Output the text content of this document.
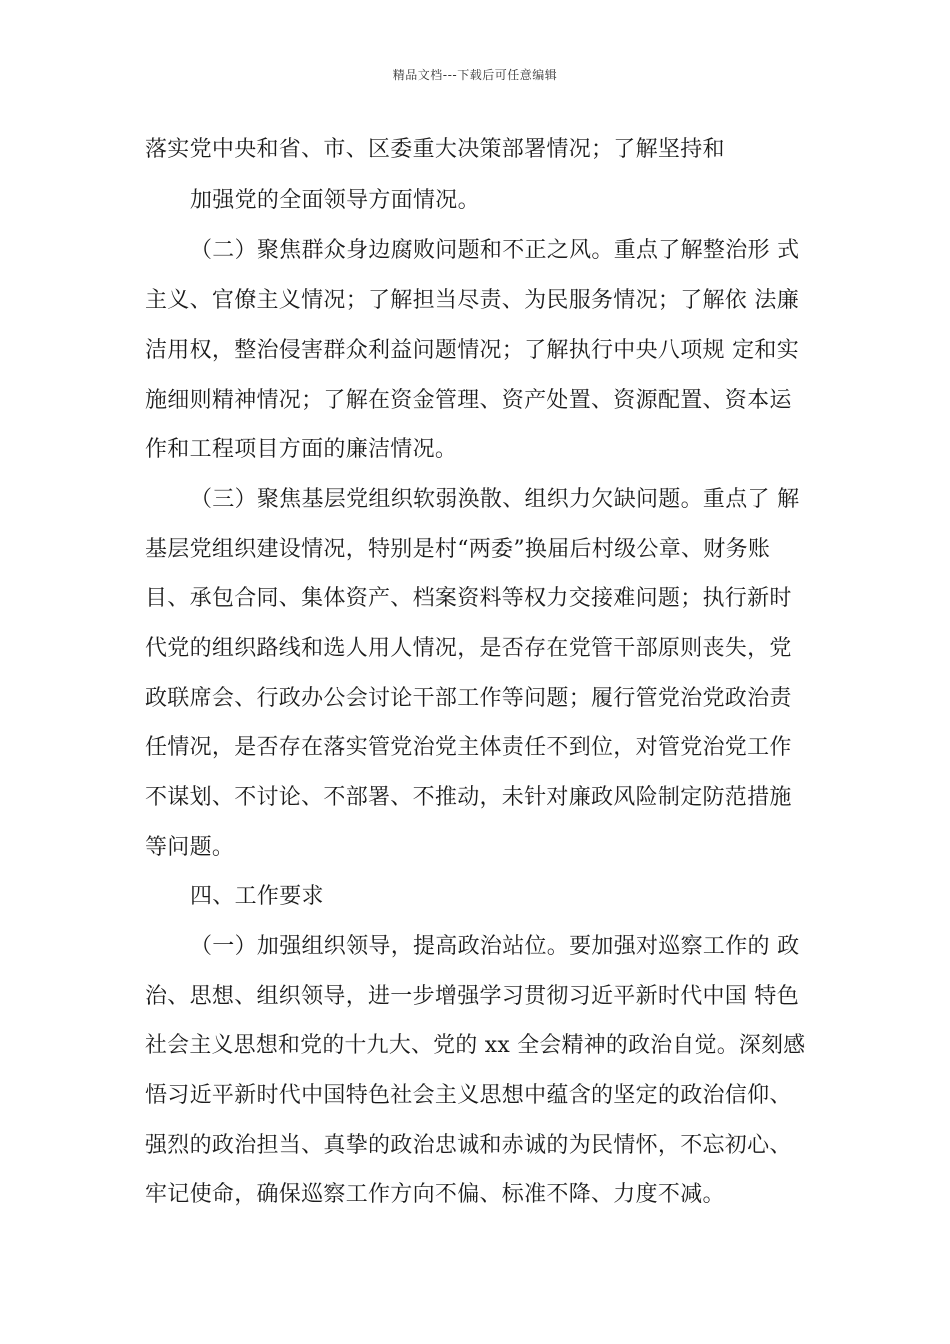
精品文档---下载后可任意编辑
落实党中央和省、市、区委重大决策部署情况；了解坚持和
加强党的全面领导方面情况。
（二）聚焦群众身边腐败问题和不正之风。重点了解整治形 式
主义、官僚主义情况；了解担当尽责、为民服务情况；了解依 法廉
洁用权，整治侵害群众利益问题情况；了解执行中央八项规 定和实
施细则精神情况；了解在资金管理、资产处置、资源配置、资本运
作和工程项目方面的廉洁情况。
（三）聚焦基层党组织软弱涣散、组织力欠缺问题。重点了 解
基层党组织建设情况，特别是村“两委”换届后村级公章、财务账
目、承包合同、集体资产、档案资料等权力交接难问题；执行新时
代党的组织路线和选人用人情况，是否存在党管干部原则丧失，党
政联席会、行政办公会讨论干部工作等问题；履行管党治党政治责
任情况，是否存在落实管党治党主体责任不到位，对管党治党工作
不谋划、不讨论、不部署、不推动，未针对廉政风险制定防范措施
等问题。
四、工作要求
（一）加强组织领导，提高政治站位。要加强对巡察工作的 政
治、思想、组织领导，进一步增强学习贯彻习近平新时代中国 特色
社会主义思想和党的十九大、党的 xx 全会精神的政治自觉。深刻感
悟习近平新时代中国特色社会主义思想中蕴含的坚定的政治信仰、
强烈的政治担当、真挚的政治忠诚和赤诚的为民情怀，不忘初心、
牢记使命，确保巡察工作方向不偏、标准不降、力度不减。
